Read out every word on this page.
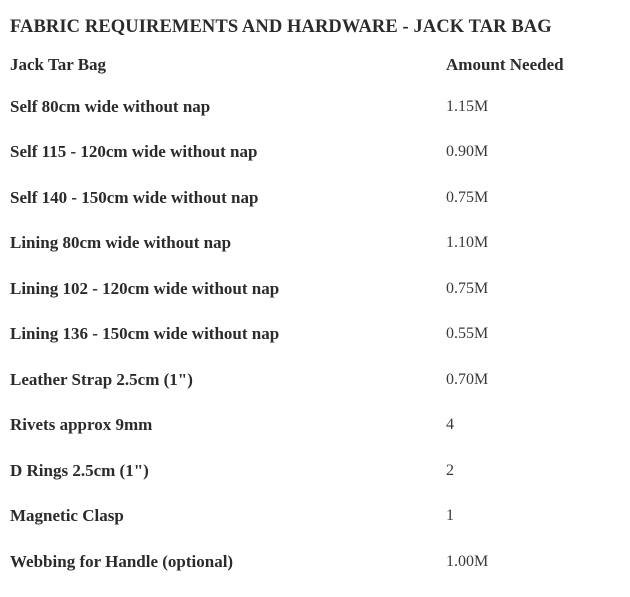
FABRIC REQUIREMENTS AND HARDWARE - JACK TAR BAG
Jack Tar Bag	Amount Needed
Self 80cm wide without nap	1.15M
Self 115 - 120cm wide without nap	0.90M
Self 140 - 150cm wide without nap	0.75M
Lining 80cm wide without nap	1.10M
Lining 102 - 120cm wide without nap	0.75M
Lining 136 - 150cm wide without nap	0.55M
Leather Strap 2.5cm (1")	0.70M
Rivets approx 9mm	4
D Rings 2.5cm (1")	2
Magnetic Clasp	1
Webbing for Handle (optional)	1.00M
